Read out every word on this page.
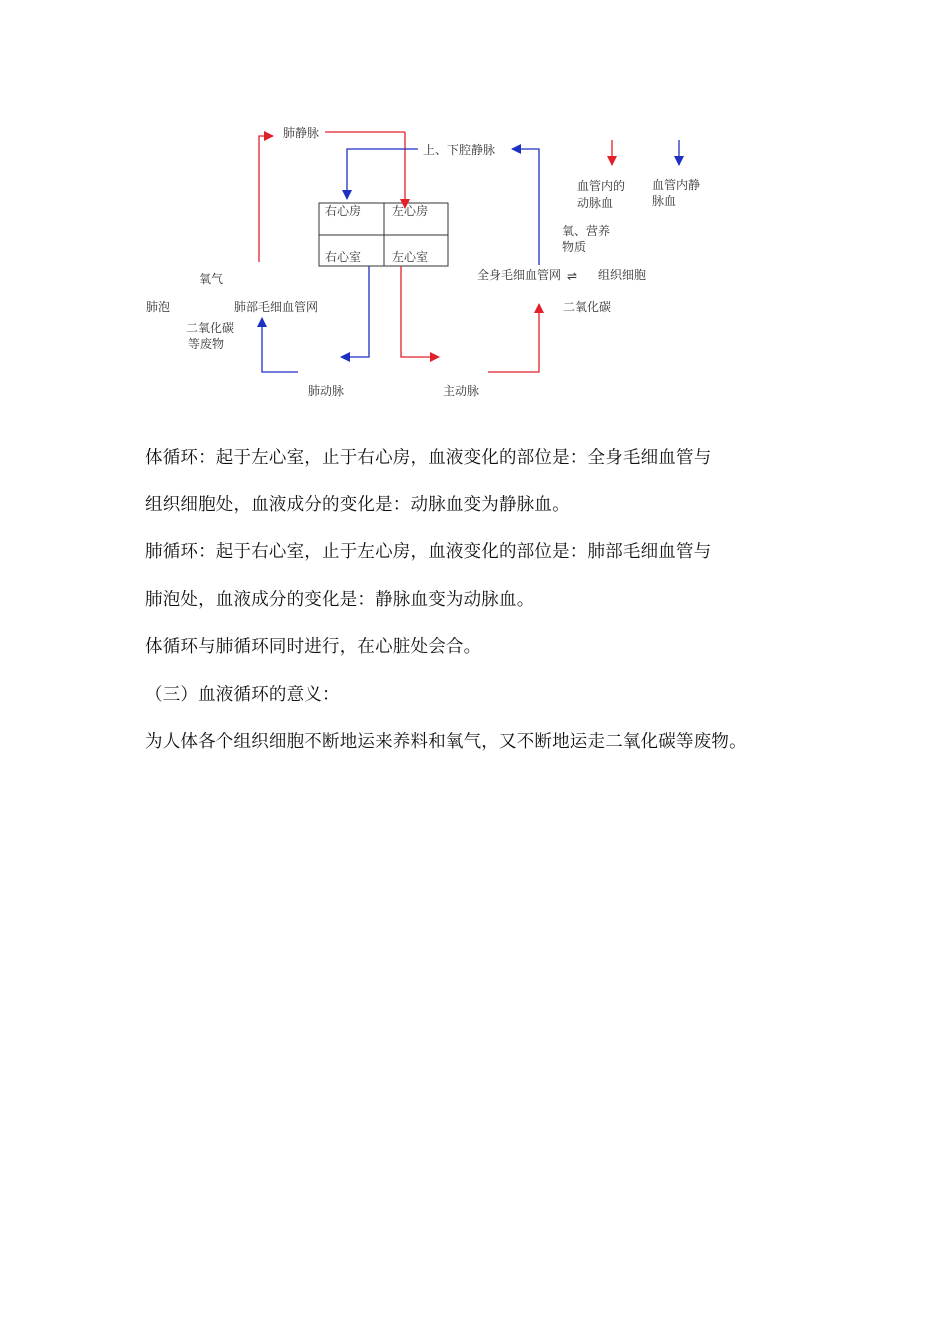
右心房	左心房
右心室	左心室
肺静脉
上、下腔静脉
肺动脉	主动脉
氧气
肺泡	肺部毛细血管网
二氧化碳
等废物
全身毛细血管网 ⇌ 组织细胞
氧、营养
物质
二氧化碳
血管内的
动脉血
血管内静
脉血

体循环：起于左心室，止于右心房，血液变化的部位是：全身毛细血管与

组织细胞处，血液成分的变化是：动脉血变为静脉血。

肺循环：起于右心室，止于左心房，血液变化的部位是：肺部毛细血管与

肺泡处，血液成分的变化是：静脉血变为动脉血。

体循环与肺循环同时进行，在心脏处会合。

（三）血液循环的意义：

为人体各个组织细胞不断地运来养料和氧气，又不断地运走二氧化碳等废物。
